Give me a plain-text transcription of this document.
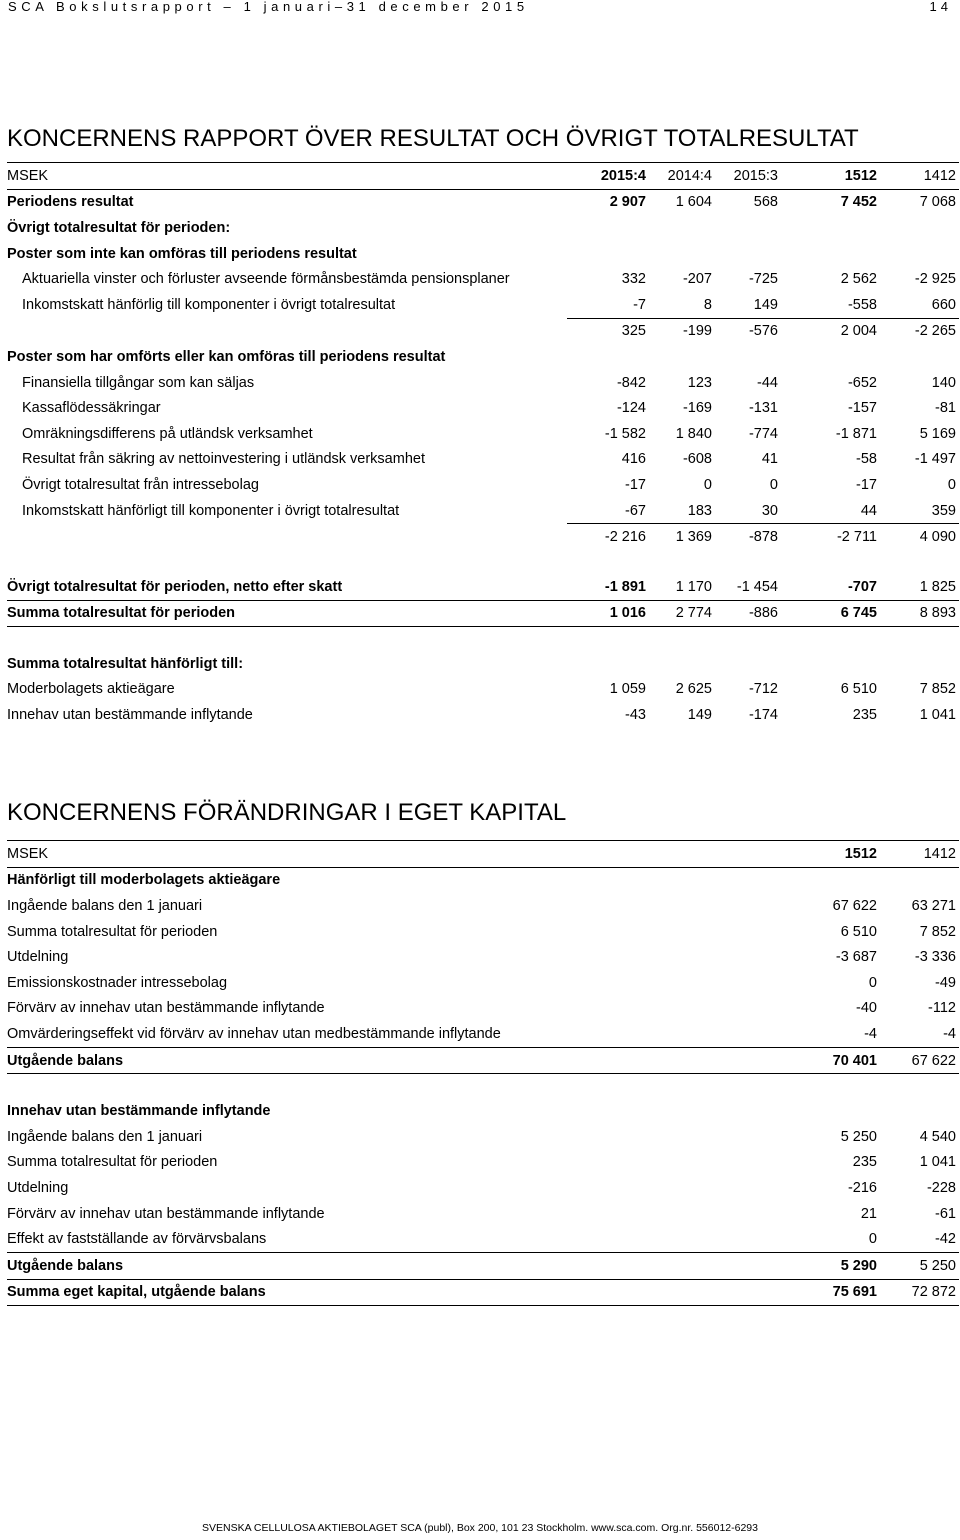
SCA Bokslutsrapport – 1 januari–31 december 2015	14
KONCERNENS RAPPORT ÖVER RESULTAT OCH ÖVRIGT TOTALRESULTAT
MSEK	2015:4	2014:4	2015:3	1512	1412
Periodens resultat	2 907	1 604	568	7 452	7 068
Övrigt totalresultat för perioden:					
Poster som inte kan omföras till periodens resultat					
Aktuariella vinster och förluster avseende förmånsbestämda pensionsplaner	332	-207	-725	2 562	-2 925
Inkomstskatt hänförlig till komponenter i övrigt totalresultat	-7	8	149	-558	660
	325	-199	-576	2 004	-2 265
Poster som har omförts eller kan omföras till periodens resultat					
Finansiella tillgångar som kan säljas	-842	123	-44	-652	140
Kassaflödessäkringar	-124	-169	-131	-157	-81
Omräkningsdifferens på utländsk verksamhet	-1 582	1 840	-774	-1 871	5 169
Resultat från säkring av nettoinvestering i utländsk verksamhet	416	-608	41	-58	-1 497
Övrigt totalresultat från intressebolag	-17	0	0	-17	0
Inkomstskatt hänförligt till komponenter i övrigt totalresultat	-67	183	30	44	359
	-2 216	1 369	-878	-2 711	4 090

Övrigt totalresultat för perioden, netto efter skatt	-1 891	1 170	-1 454	-707	1 825
Summa totalresultat för perioden	1 016	2 774	-886	6 745	8 893

Summa totalresultat hänförligt till:					
Moderbolagets aktieägare	1 059	2 625	-712	6 510	7 852
Innehav utan bestämmande inflytande	-43	149	-174	235	1 041
KONCERNENS FÖRÄNDRINGAR I EGET KAPITAL
MSEK	1512	1412
Hänförligt till moderbolagets aktieägare		
Ingående balans den 1 januari	67 622	63 271
Summa totalresultat för perioden	6 510	7 852
Utdelning	-3 687	-3 336
Emissionskostnader intressebolag	0	-49
Förvärv av innehav utan bestämmande inflytande	-40	-112
Omvärderingseffekt vid förvärv av innehav utan medbestämmande inflytande	-4	-4
Utgående balans	70 401	67 622

Innehav utan bestämmande inflytande		
Ingående balans den 1 januari	5 250	4 540
Summa totalresultat för perioden	235	1 041
Utdelning	-216	-228
Förvärv av innehav utan bestämmande inflytande	21	-61
Effekt av fastställande av förvärvsbalans	0	-42
Utgående balans	5 290	5 250
Summa eget kapital, utgående balans	75 691	72 872
SVENSKA CELLULOSA AKTIEBOLAGET SCA (publ), Box 200, 101 23 Stockholm. www.sca.com. Org.nr. 556012-6293
